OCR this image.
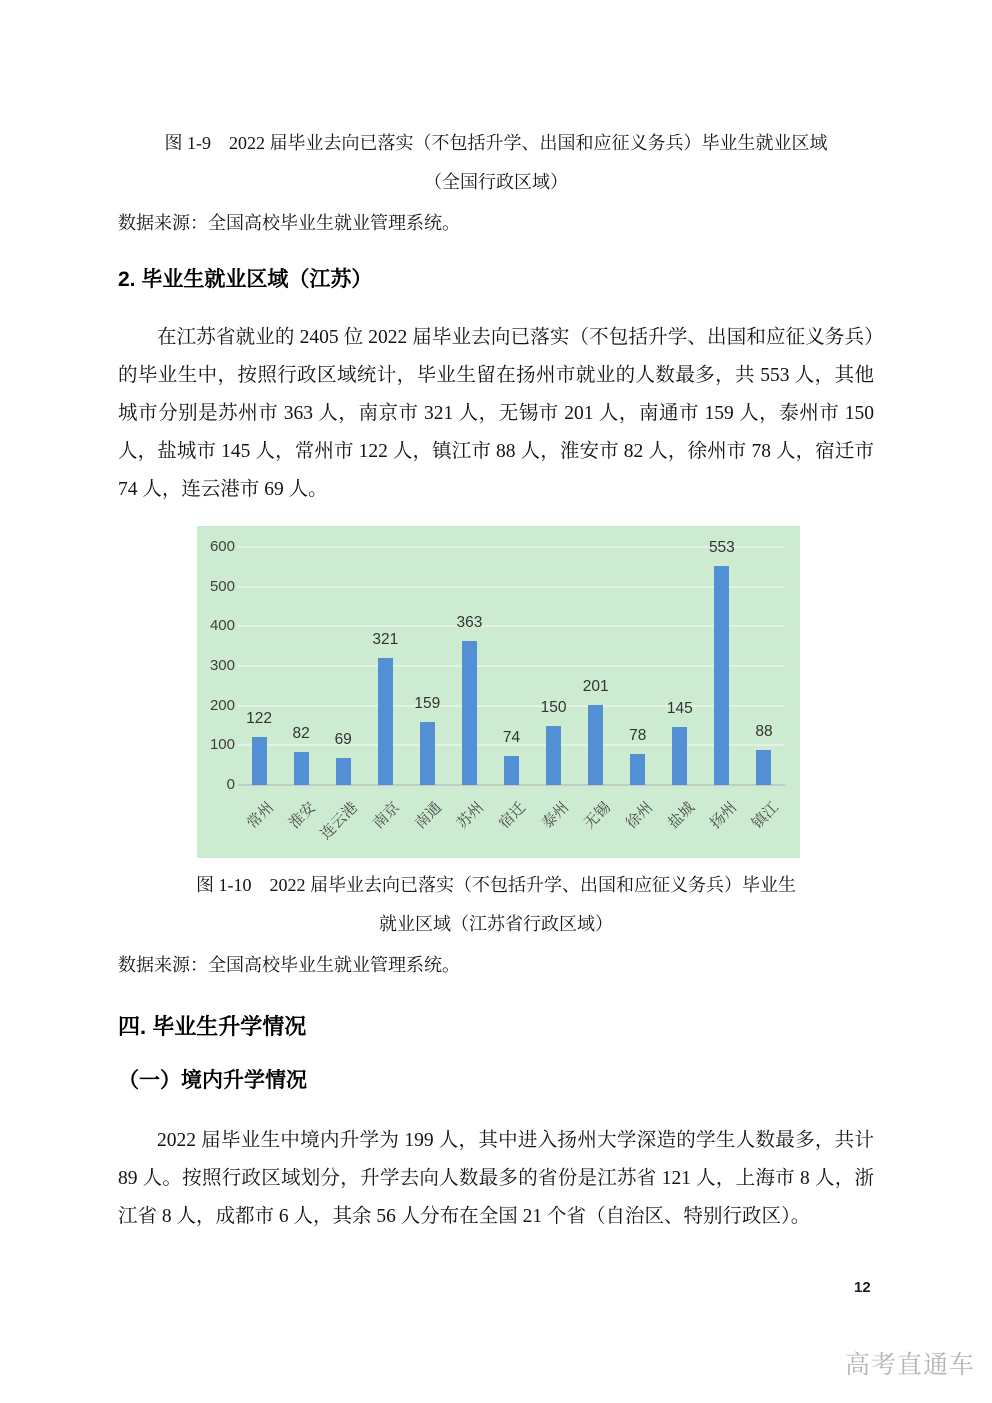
图 1-9　2022 届毕业去向已落实（不包括升学、出国和应征义务兵）毕业生就业区域
（全国行政区域）
数据来源：全国高校毕业生就业管理系统。
2. 毕业生就业区域（江苏）
在江苏省就业的 2405 位 2022 届毕业去向已落实（不包括升学、出国和应征义务兵）的毕业生中，按照行政区域统计，毕业生留在扬州市就业的人数最多，共 553 人，其他城市分别是苏州市 363 人，南京市 321 人，无锡市 201 人，南通市 159 人，泰州市 150 人，盐城市 145 人，常州市 122 人，镇江市 88 人，淮安市 82 人，徐州市 78 人，宿迁市 74 人，连云港市 69 人。
0
100
200
300
400
500
600
122
常州
82
淮安
69
连云港
321
南京
159
南通
363
苏州
74
宿迁
150
泰州
201
无锡
78
徐州
145
盐城
553
扬州
88
镇江
图 1-10　2022 届毕业去向已落实（不包括升学、出国和应征义务兵）毕业生
就业区域（江苏省行政区域）
数据来源：全国高校毕业生就业管理系统。
四. 毕业生升学情况
（一）境内升学情况
2022 届毕业生中境内升学为 199 人，其中进入扬州大学深造的学生人数最多，共计 89 人。按照行政区域划分，升学去向人数最多的省份是江苏省 121 人，上海市 8 人，浙江省 8 人，成都市 6 人，其余 56 人分布在全国 21 个省（自治区、特别行政区）。
12
高考直通车
